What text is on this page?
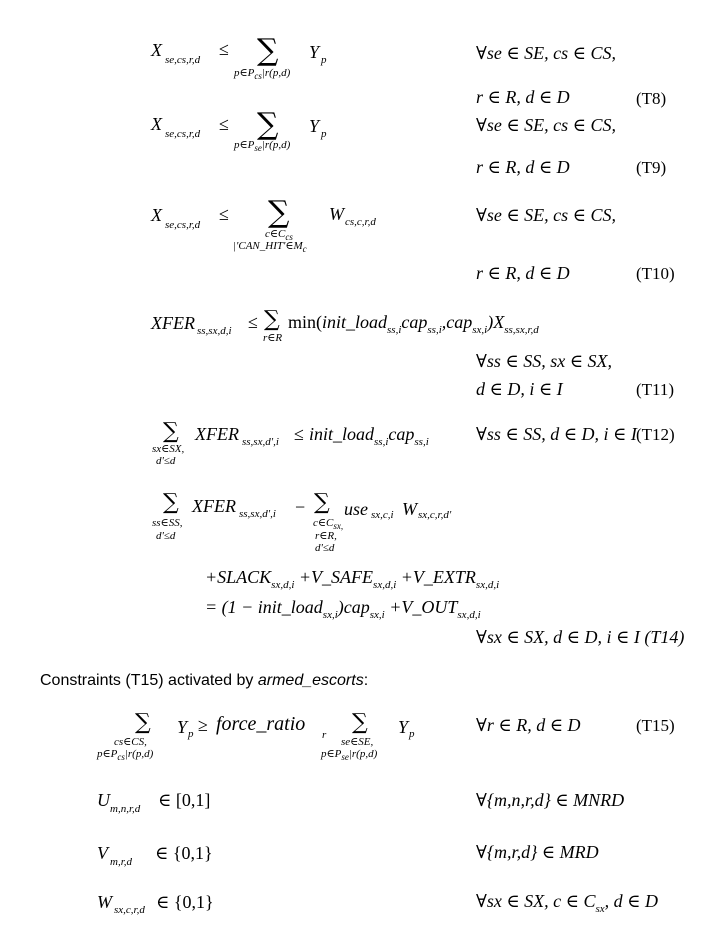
X se,cs,r,d
≤ ∑
$p\in P_{cs}|r(p,d)$
Y p	∀se ∈ SE, cs ∈ CS,
r ∈ R, d ∈ D	(T8)
X se,cs,r,d ≤ ∑
$p\in P_{se}|r(p,d)$
Y p	∀se ∈ SE, cs ∈ CS,
r ∈ R, d ∈ D	(T9)
X se,cs,r,d
≤ ∑
$c\in C_{cs}$
$|'CAN\_HIT'\in M_c$
W cs,c,r,d	∀se ∈ SE, cs ∈ CS,
r ∈ R, d ∈ D	(T10)
XFER ss,sx,d,i ≤ ∑
r∈R
$\min(init\_load_{ss,i}cap_{ss,i},cap_{sx,i})X_{ss,sx,r,d}$
∀ss ∈ SS, sx ∈ SX,
d ∈ D, i ∈ I	(T11)
∑
sx∈SX,
d'≤d
XFER ss,sx,d',i ≤ init_load$_{ss,i}$cap$_{ss,i}$	∀ss ∈ SS, d ∈ D, i ∈ I (T12)
∑
ss∈SS,
d'≤d
XFER ss,sx,d',i − ∑
$c\in C_{sx,}$
r∈R,
d'≤d
use sx,c,i W sx,c,r,d'
$+SLACK_{sx,d,i}$ $+V\_SAFE_{sx,d,i}$ $+V\_EXTR_{sx,d,i}$
= (1 − init_load$_{sx,i}$)cap$_{sx,i}$ $+V\_OUT_{sx,d,i}$
∀sx ∈ SX, d ∈ D, i ∈ I (T14)
Constraints (T15) activated by armed_escorts:
∑
cs∈CS,
$p\in P_{cs}|r(p,d)$
Y p ≥ force_ratio r ∑
se∈SE,
$p\in P_{se}|r(p,d)$
Y p	∀r ∈ R, d ∈ D	(T15)
U m,n,r,d ∈ [0,1]	∀{m,n,r,d} ∈ MNRD
V m,r,d ∈ {0,1}	∀{m,r,d} ∈ MRD
W sx,c,r,d ∈ {0,1}	∀sx ∈ SX, c ∈ $C_{sx}$, d ∈ D
